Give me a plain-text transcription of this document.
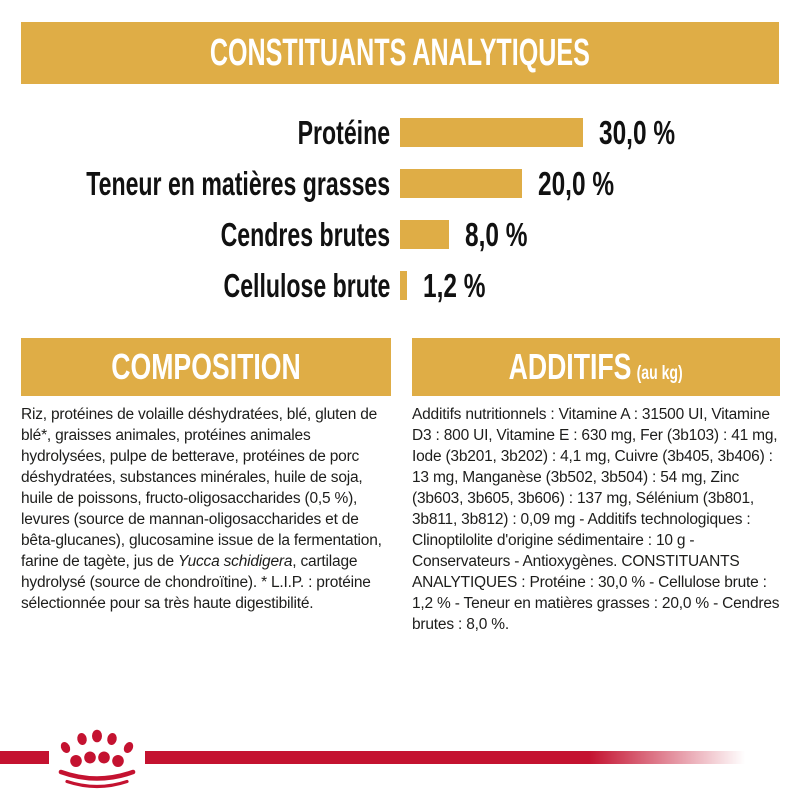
CONSTITUANTS ANALYTIQUES
Protéine	30,0 %
Teneur en matières grasses	20,0 %
Cendres brutes 8,0 %
Cellulose brute 1,2 %
COMPOSITION	ADDITIFS (au kg)
Riz, protéines de volaille déshydratées, blé, gluten de blé*, graisses animales, protéines animales hydrolysées, pulpe de betterave, protéines de porc déshydratées, substances minérales, huile de soja, huile de poissons, fructo-oligosaccharides (0,5 %), levures (source de mannan-oligosaccharides et de bêta-glucanes), glucosamine issue de la fermentation, farine de tagète, jus de Yucca schidigera, cartilage hydrolysé (source de chondroïtine). * L.I.P. : protéine sélectionnée pour sa très haute digestibilité.
Additifs nutritionnels : Vitamine A : 31500 UI, Vitamine D3 : 800 UI, Vitamine E : 630 mg, Fer (3b103) : 41 mg, Iode (3b201, 3b202) : 4,1 mg, Cuivre (3b405, 3b406) : 13 mg, Manganèse (3b502, 3b504) : 54 mg, Zinc (3b603, 3b605, 3b606) : 137 mg, Sélénium (3b801, 3b811, 3b812) : 0,09 mg - Additifs technologiques : Clinoptilolite d'origine sédimentaire : 10 g - Conservateurs - Antioxygènes. CONSTITUANTS ANALYTIQUES : Protéine : 30,0 % - Cellulose brute : 1,2 % - Teneur en matières grasses : 20,0 % - Cendres brutes : 8,0 %.
